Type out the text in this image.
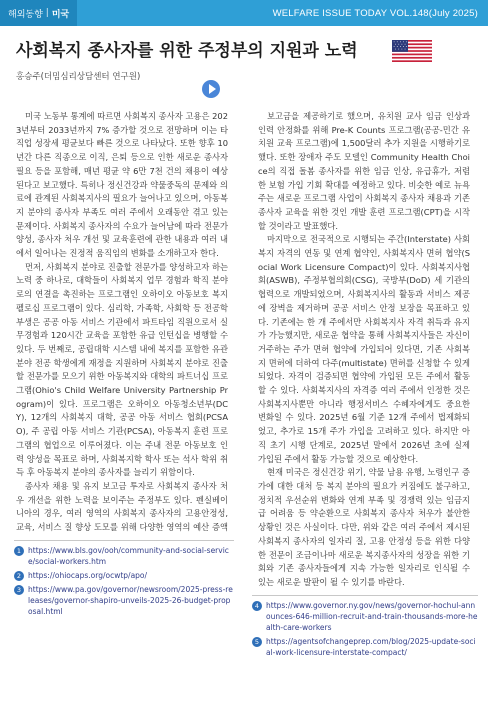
해외동향 | 미국	WELFARE ISSUE TODAY VOL.148(July 2025)
사회복지 종사자를 위한 주정부의 지원과 노력
홍승주(더밈심리상담센터 연구원)

미국 노동부 통계에 따르면 사회복지 종사자 고용은 2023년부터 2033년까지 7% 증가할 것으로 전망하며 이는 타 직업 성장세 평균보다 빠른 것으로 나타났다. 또한 향후 10년간 다른 직종으로 이직, 은퇴 등으로 인한 새로운 종사자 필요 등을 포함해, 매년 평균 약 6만 7천 건의 채용이 예상된다고 보고했다. 특히나 정신건강과 약물중독의 문제와 의료에 관계된 사회복지사의 필요가 늘어나고 있으며, 아동복지 분야의 종사자 부족도 여러 주에서 오래동안 겪고 있는 문제이다. 사회복지 종사자의 수요가 늘어남에 따라 전문가 양성, 종사자 처우 개선 및 교육훈련에 관한 내용과 여러 내에서 일어나는 진정적 움직임의 변화를 소개하고자 한다.

먼저, 사회복지 분야로 진출할 전문가를 양성하고자 하는 노력 중 하나로, 대학들이 사회복지 업무 경험과 학직 분야로의 연결을 촉진하는 프로그램인 오하이오 아동보호 복지 펠로십 프로그램이 있다. 심리학, 가족학, 사회학 등 전공학부생은 공공 아동 서비스 기관에서 파트타임 직원으로서 실무경험과 120시간 교육을 포함한 유급 인턴십을 병행할 수 있다. 두 번째로, 공립대학 시스템 내에 복지를 포함한 유관 분야 전공 학생에게 재정을 지원하며 사회복지 분야로 진출할 전문가를 모으기 위한 아동복지와 대학의 파트너십 프로그램(Ohio's Child Welfare University Partnership Program)이 있다. 프로그램은 오하이오 아동청소년부(DCY), 12개의 사회복지 대학, 공공 아동 서비스 협회(PCSAO), 주 공립 아동 서비스 기관(PCSA), 아동복지 훈련 프로그램의 협업으로 이루어졌다. 이는 주내 전문 아동보호 인력 양성을 목표로 하며, 사회복지학 학사 또는 석사 학위 취득 후 아동복지 분야의 종사자를 늘리기 위함이다.

종사자 채용 및 유지 보고금 투자로 사회복지 종사자 처우 개선을 위한 노력을 보이주는 주정부도 있다. 펜실베이니아의 경우, 여러 영역의 사회복지 종사자의 고용안정성, 교육, 서비스 질 향상 도모를 위해 다양한 영역의 예산 증액

보고금을 제공하기로 했으며, 유치원 교사 임금 인상과 인력 안정화를 위해 Pre-K Counts 프로그램(공공-민간 유치원 교육 프로그램)에 1,500달러 추가 지원을 시행하기로 했다. 또한 장애자 주도 모델인 Community Health Choice의 직접 돌봄 종사자를 위한 임금 인상, 유급휴가, 저렴한 보험 가입 기회 확대를 예정하고 있다. 비슷한 예로 뉴욕주는 새로운 프로그램 사업이 사회복지 종사자 채용과 기존 종사자 교육을 위한 것인 개발 훈련 프로그램(CPT)을 시작할 것이라고 발표했다.

마지막으로 전국적으로 시행되는 주간(Interstate) 사회복지 자격의 연동 및 연계 협약인, 사회복지사 면허 협약(Social Work Licensure Compact)이 있다. 사회복지사협회(ASWB), 주정부협의회(CSG), 국방부(DoD) 세 기관의 협력으로 개발되었으며, 사회복지사의 활동과 서비스 제공에 장벽을 제거하며 공공 서비스 안정 보장을 목표하고 있다. 기존에는 한 개 주에서만 사회복지사 자격 취득과 유지가 가능했지만, 새로운 협약을 통해 사회복지사들은 자신이 거주하는 주가 면허 협약에 가입되어 있다면, 기존 사회복지 면허에 더하여 다주(multistate) 면허를 신청할 수 있게 되었다. 자격이 검증되면 협약에 가입된 모든 주에서 활동할 수 있다. 사회복지사의 자격증 여러 주에서 인정한 것은 사회복지사뿐만 아니라 행정서비스 수혜자에게도 중요한 변화일 수 있다. 2025년 6월 기준 12개 주에서 법제화되었고, 추가로 15개 주가 가입을 고려하고 있다. 하지만 아직 초기 시행 단계로, 2025년 말에서 2026년 초에 실제 가입된 주에서 활동 가능할 것으로 예상한다.

현재 미국은 정신건강 위기, 약물 남용 유행, 노령인구 증가에 대한 대처 등 복지 분야의 필요가 커짐에도 불구하고, 정치적 우선순위 변화와 연계 부족 및 경쟁력 있는 임금지급 어려움 등 약순환으로 사회복지 종사자 처우가 불안한 상황인 것은 사실이다. 다만, 위와 같은 여러 주에서 제시된 사회복지 종사자의 일자리 질, 고용 안정성 등을 위한 다양한 전문이 조금이나마 새로운 복지종사자의 성장을 위한 기회와 기존 종사자들에게 지속 가능한 일자리로 인식될 수 있는 새로운 발판이 될 수 있기를 바란다.

1 https://www.bls.gov/ooh/community-and-social-service/social-workers.htm
2 https://ohiocaps.org/ocwtp/apo/
3 https://www.pa.gov/governor/newsroom/2025-press-releases/governor-shapiro-unveils-2025-26-budget-proposal.html
4 https://www.governor.ny.gov/news/governor-hochul-announces-646-million-recruit-and-train-thousands-more-health-care-workers
5 https://agentsofchangeprep.com/blog/2025-update-social-work-licensure-interstate-compact/
